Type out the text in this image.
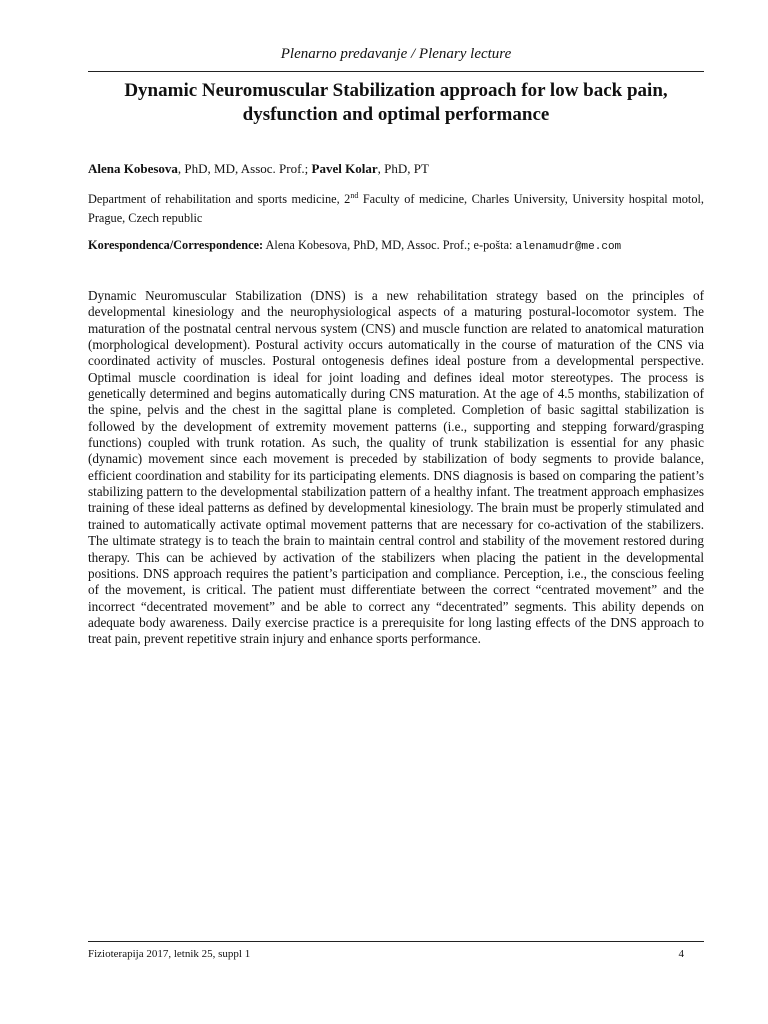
Plenarno predavanje / Plenary lecture
Dynamic Neuromuscular Stabilization approach for low back pain, dysfunction and optimal performance
Alena Kobesova, PhD, MD, Assoc. Prof.; Pavel Kolar, PhD, PT
Department of rehabilitation and sports medicine, 2nd Faculty of medicine, Charles University, University hospital motol, Prague, Czech republic
Korespondenca/Correspondence: Alena Kobesova, PhD, MD, Assoc. Prof.; e-pošta: alenamudr@me.com

Dynamic Neuromuscular Stabilization (DNS) is a new rehabilitation strategy based on the principles of developmental kinesiology and the neurophysiological aspects of a maturing postural-locomotor system. The maturation of the postnatal central nervous system (CNS) and muscle function are related to anatomical maturation (morphological development). Postural activity occurs automatically in the course of maturation of the CNS via coordinated activity of muscles. Postural ontogenesis defines ideal posture from a developmental perspective. Optimal muscle coordination is ideal for joint loading and defines ideal motor stereotypes. The process is genetically determined and begins automatically during CNS maturation. At the age of 4.5 months, stabilization of the spine, pelvis and the chest in the sagittal plane is completed. Completion of basic sagittal stabilization is followed by the development of extremity movement patterns (i.e., supporting and stepping forward/grasping functions) coupled with trunk rotation. As such, the quality of trunk stabilization is essential for any phasic (dynamic) movement since each movement is preceded by stabilization of body segments to provide balance, efficient coordination and stability for its participating elements. DNS diagnosis is based on comparing the patient’s stabilizing pattern to the developmental stabilization pattern of a healthy infant. The treatment approach emphasizes training of these ideal patterns as defined by developmental kinesiology. The brain must be properly stimulated and trained to automatically activate optimal movement patterns that are necessary for co-activation of the stabilizers. The ultimate strategy is to teach the brain to maintain central control and stability of the movement restored during therapy. This can be achieved by activation of the stabilizers when placing the patient in the developmental positions. DNS approach requires the patient’s participation and compliance. Perception, i.e., the conscious feeling of the movement, is critical. The patient must differentiate between the correct “centrated movement” and the incorrect “decentrated movement” and be able to correct any “decentrated” segments. This ability depends on adequate body awareness. Daily exercise practice is a prerequisite for long lasting effects of the DNS approach to treat pain, prevent repetitive strain injury and enhance sports performance.

Fizioterapija 2017, letnik 25, suppl 1	4
